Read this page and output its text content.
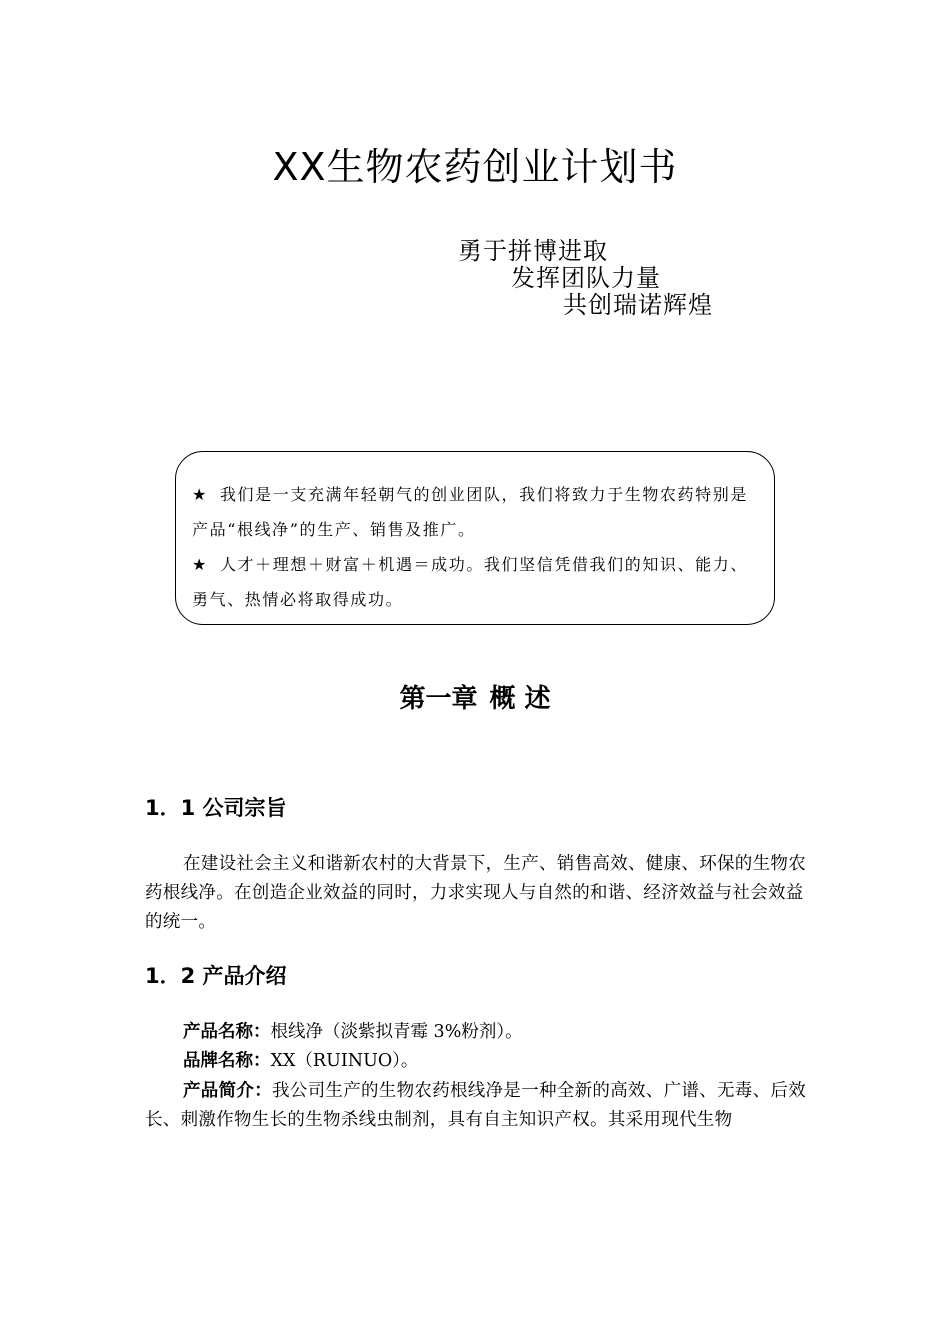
XX生物农药创业计划书
勇于拼博进取
发挥团队力量
共创瑞诺辉煌

★ 我们是一支充满年轻朝气的创业团队，我们将致力于生物农药特别是产品“根线净”的生产、销售及推广。

★ 人才＋理想＋财富＋机遇＝成功。我们坚信凭借我们的知识、能力、勇气、热情必将取得成功。

第一章 概 述
1．1 公司宗旨
在建设社会主义和谐新农村的大背景下，生产、销售高效、健康、环保的生物农药根线净。在创造企业效益的同时，力求实现人与自然的和谐、经济效益与社会效益的统一。
1．2 产品介绍
产品名称：根线净（淡紫拟青霉 3%粉剂）。
品牌名称：XX（RUINUO）。
产品简介：我公司生产的生物农药根线净是一种全新的高效、广谱、无毒、后效长、刺激作物生长的生物杀线虫制剂，具有自主知识产权。其采用现代生物
